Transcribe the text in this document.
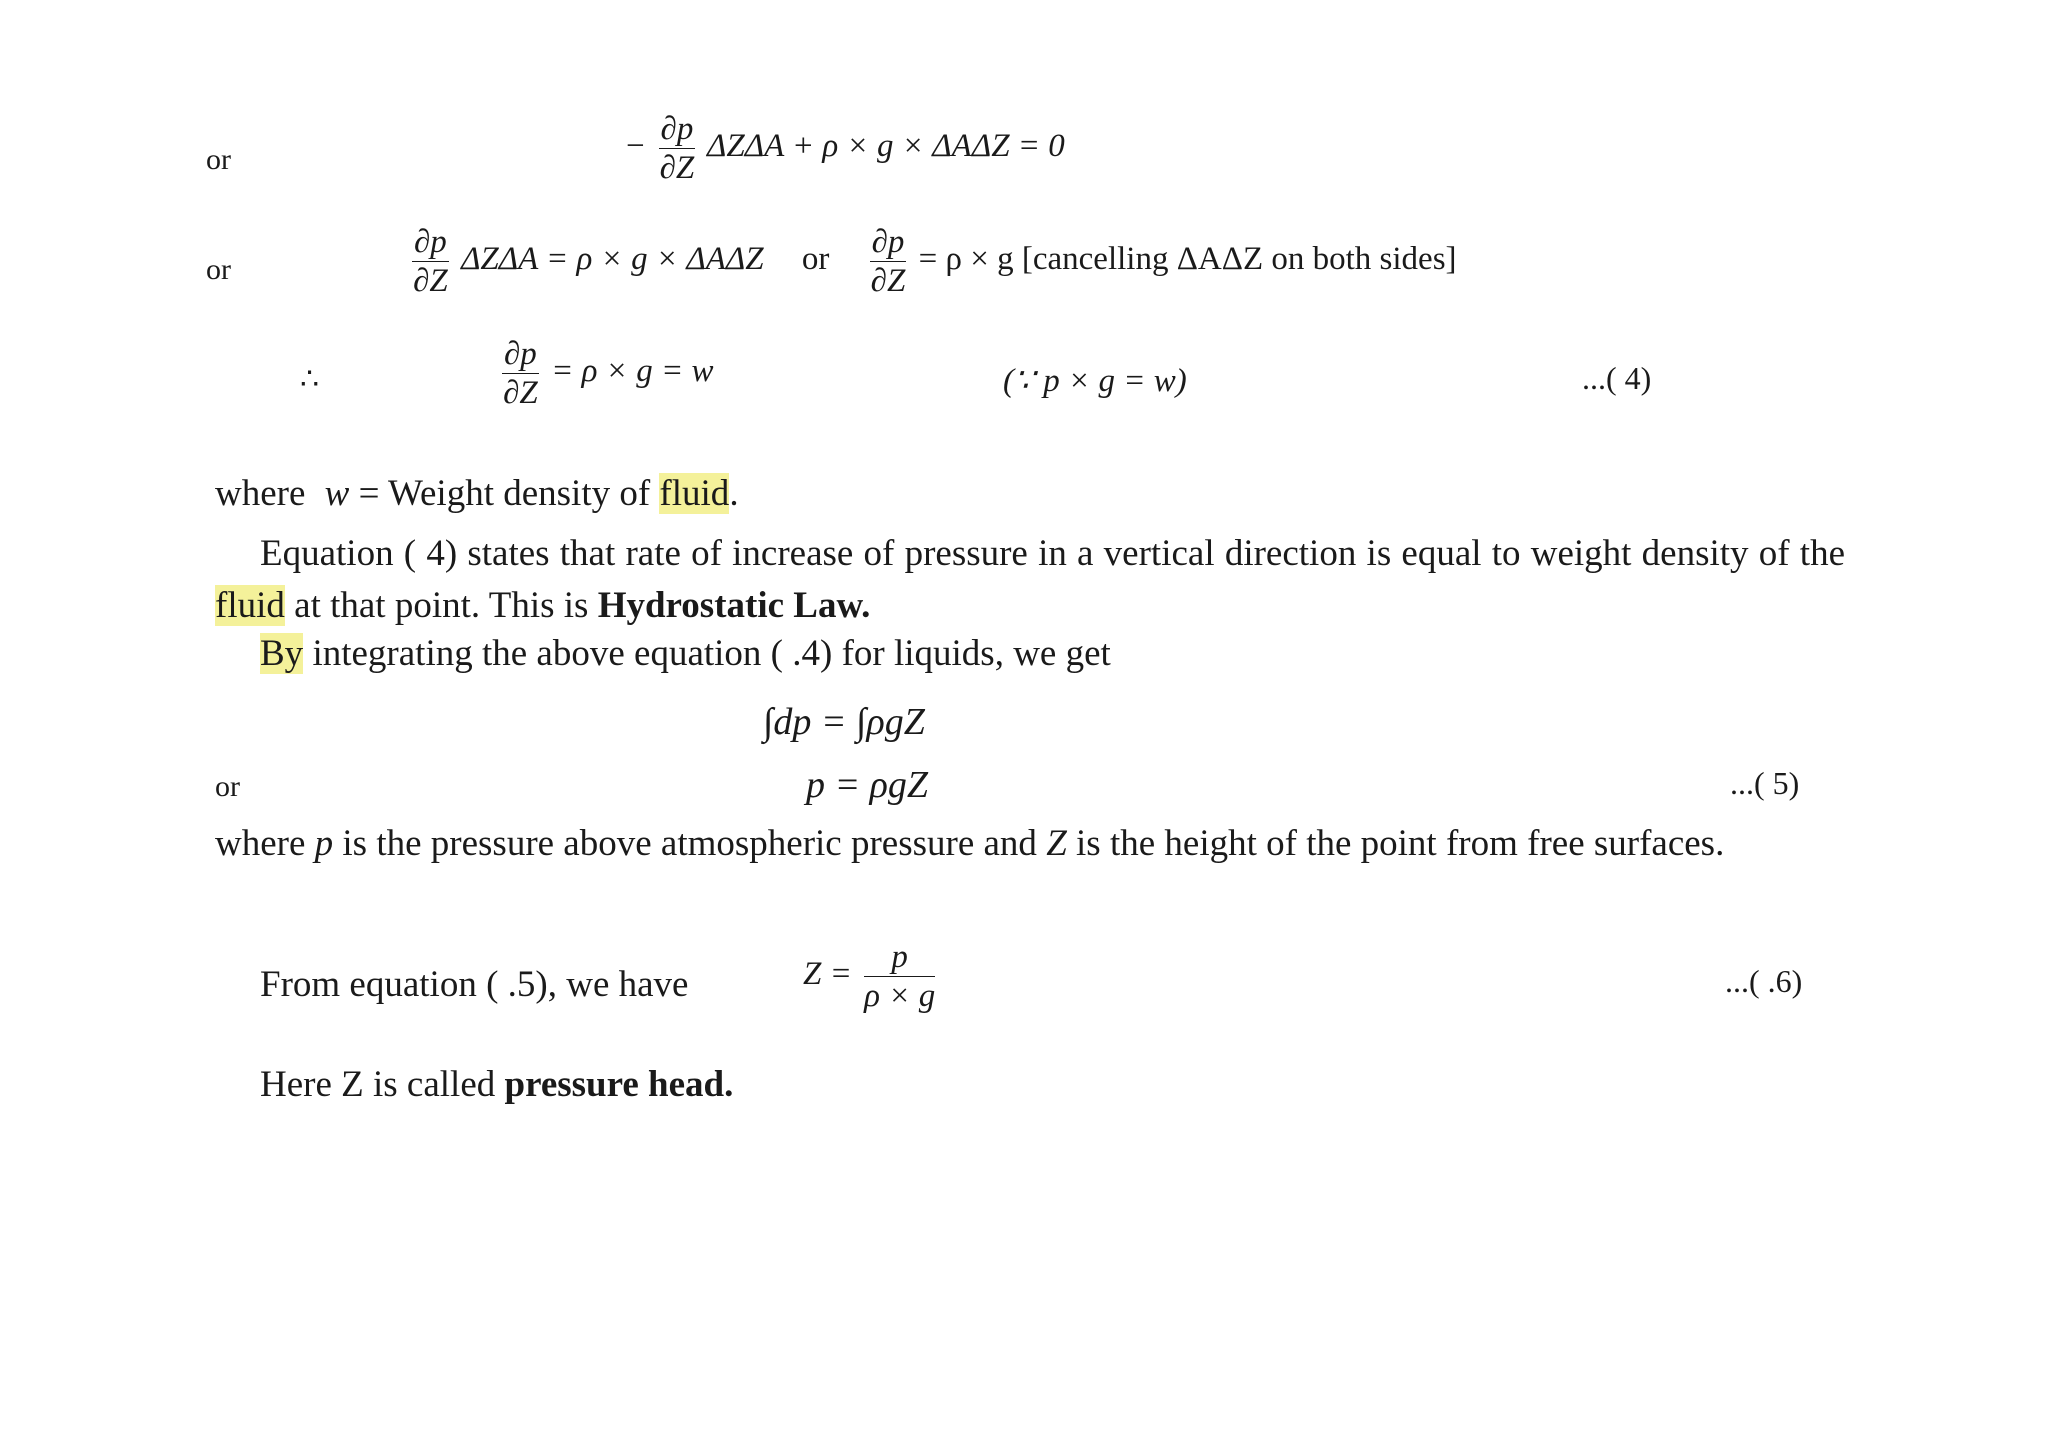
or	− $\frac{\partial p}{\partial Z}$ ΔZΔA + ρ × g × ΔAΔZ = 0
or	$\frac{\partial p}{\partial Z}$ ΔZΔA = ρ × g × ΔAΔZ or $\frac{\partial p}{\partial Z} = \rho \times g$ [cancelling ΔAΔZ on both sides]
∴	$\frac{\partial p}{\partial Z} = \rho \times g = w$	(∵ p × g = w)	...( 4)
where w = Weight density of fluid.
Equation ( 4) states that rate of increase of pressure in a vertical direction is equal to weight density of the fluid at that point. This is Hydrostatic Law.
By integrating the above equation ( .4) for liquids, we get
∫dp = ∫ρgZ
or	p = ρgZ	...( 5)
where p is the pressure above atmospheric pressure and Z is the height of the point from free surfaces.
From equation ( .5), we have	$Z = \frac{p}{\rho \times g}$	...( .6)
Here Z is called pressure head.
